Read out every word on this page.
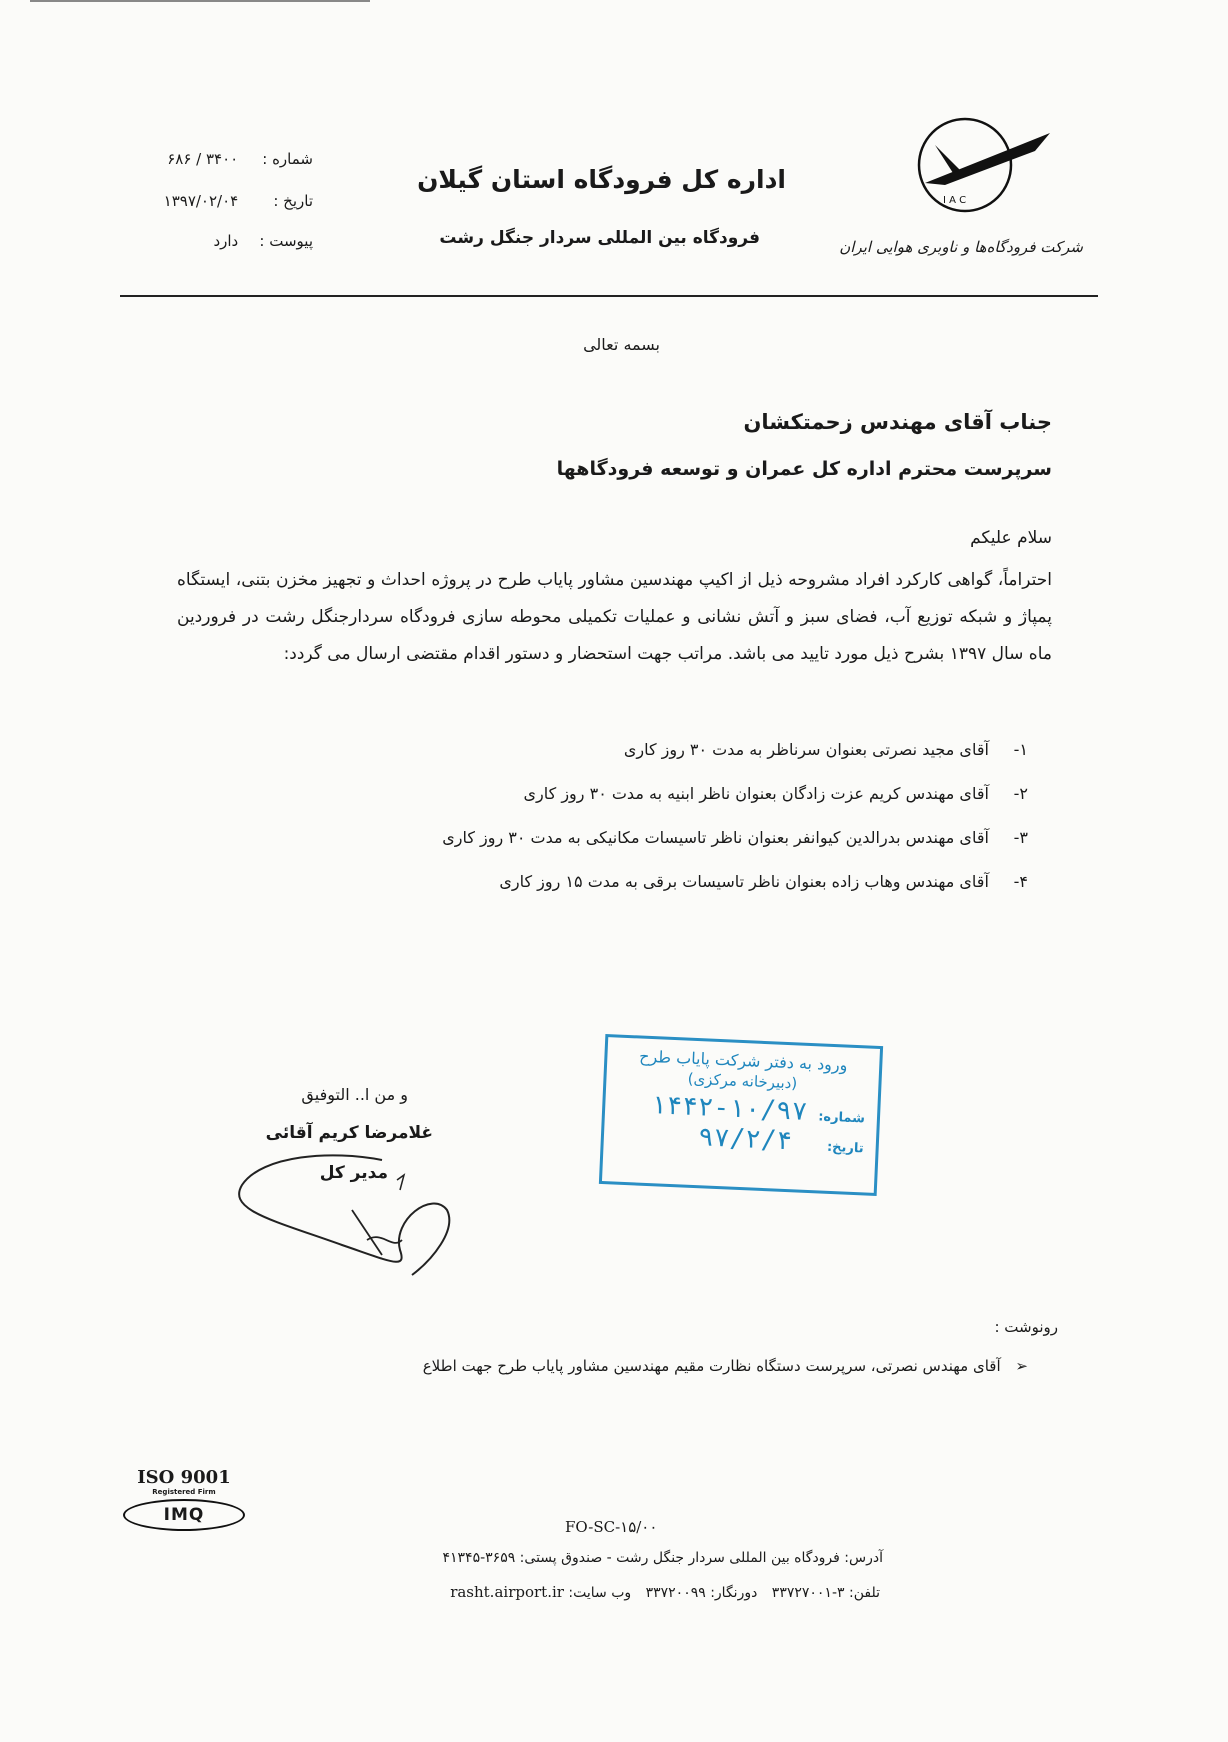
شماره : ۳۴۰۰ / ۶۸۶
تاریخ : ۱۳۹۷/۰۲/۰۴
پیوست : دارد
اداره کل فرودگاه استان گیلان
فرودگاه بین المللی سردار جنگل رشت
I A C
شرکت فرودگاه‌ها و ناوبری هوایی ایران
بسمه تعالی
جناب آقای مهندس زحمتکشان
سرپرست محترم اداره کل عمران و توسعه فرودگاهها
سلام علیکم
احتراماً، گواهی کارکرد افراد مشروحه ذیل از اکیپ مهندسین مشاور پایاب طرح در پروژه احداث و تجهیز مخزن بتنی، ایستگاه پمپاژ و شبکه توزیع آب، فضای سبز و آتش نشانی و عملیات تکمیلی محوطه سازی فرودگاه سردارجنگل رشت در فروردین ماه سال ۱۳۹۷ بشرح ذیل مورد تایید می باشد. مراتب جهت استحضار و دستور اقدام مقتضی ارسال می گردد:
۱- آقای مجید نصرتی بعنوان سرناظر به مدت ۳۰ روز کاری
۲- آقای مهندس کریم عزت زادگان بعنوان ناظر ابنیه به مدت ۳۰ روز کاری
۳- آقای مهندس بدرالدین کیوانفر بعنوان ناظر تاسیسات مکانیکی به مدت ۳۰ روز کاری
۴- آقای مهندس وهاب زاده بعنوان ناظر تاسیسات برقی به مدت ۱۵ روز کاری
ورود به دفتر شرکت پایاب طرح
(دبیرخانه مرکزی)
شماره: ۱۰/۹۷-۱۴۴۲
تاریخ: ۹۷/۲/۴
و من ا.. التوفیق
غلامرضا کریم آقائی
مدیر کل
رونوشت :
➢ آقای مهندس نصرتی، سرپرست دستگاه نظارت مقیم مهندسین مشاور پایاب طرح جهت اطلاع
ISO 9001
Registered Firm
IMQ
FO-SC-۱۵/۰۰
آدرس: فرودگاه بین المللی سردار جنگل رشت - صندوق پستی: ۳۶۵۹-۴۱۳۴۵
تلفن: ۳-۳۳۷۲۷۰۰۱ دورنگار: ۳۳۷۲۰۰۹۹ وب سایت: rasht.airport.ir
